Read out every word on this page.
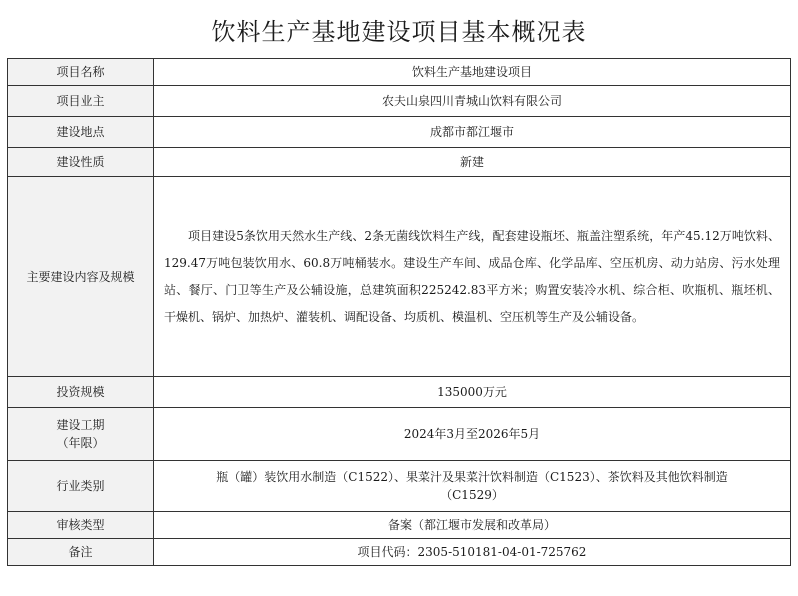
饮料生产基地建设项目基本概况表
项目名称	饮料生产基地建设项目
项目业主	农夫山泉四川青城山饮料有限公司
建设地点	成都市都江堰市
建设性质	新建
主要建设内容及规模	项目建设5条饮用天然水生产线、2条无菌线饮料生产线，配套建设瓶坯、瓶盖注塑系统，年产45.12万吨饮料、129.47万吨包装饮用水、60.8万吨桶装水。建设生产车间、成品仓库、化学品库、空压机房、动力站房、污水处理站、餐厅、门卫等生产及公辅设施，总建筑面积225242.83平方米；购置安装冷水机、综合柜、吹瓶机、瓶坯机、干燥机、锅炉、加热炉、灌装机、调配设备、均质机、模温机、空压机等生产及公辅设备。

投资规模	135000万元

建设工期
（年限）	2024年3月至2026年5月
行业类别	瓶（罐）装饮用水制造（C1522）、果菜汁及果菜汁饮料制造（C1523）、茶饮料及其他饮料制造
（C1529）

审核类型	备案（都江堰市发展和改革局）
备注	项目代码：2305-510181-04-01-725762
